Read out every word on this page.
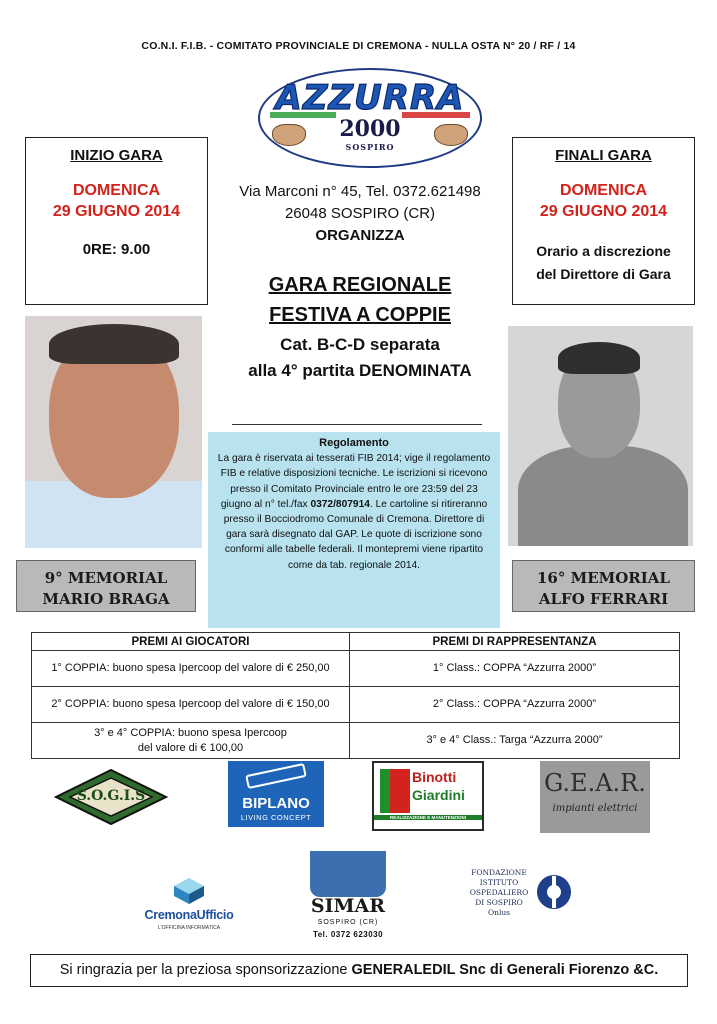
CO.N.I. F.I.B. - COMITATO PROVINCIALE DI CREMONA - NULLA OSTA N° 20 / RF / 14
AZZURRA
2000
SOSPIRO
INIZIO GARA
DOMENICA
29 GIUGNO 2014
0RE: 9.00
FINALI GARA
DOMENICA
29 GIUGNO 2014
Orario a discrezione
del Direttore di Gara
Via Marconi n° 45, Tel. 0372.621498
26048 SOSPIRO (CR)
ORGANIZZA
GARA REGIONALE
FESTIVA A COPPIE
Cat. B-C-D separata
alla 4° partita DENOMINATA
9° MEMORIAL
MARIO BRAGA
16° MEMORIAL
ALFO FERRARI
Regolamento
La gara è riservata ai tesserati FIB 2014; vige il regolamento FIB e relative disposizioni tecniche. Le iscrizioni si ricevono presso il Comitato Provinciale entro le ore 23:59 del 23 giugno al n° tel./fax 0372/807914. Le cartoline si ritireranno presso il Bocciodromo Comunale di Cremona. Direttore di gara sarà disegnato dal GAP. Le quote di iscrizione sono conformi alle tabelle federali. Il montepremi viene ripartito come da tab. regionale 2014.
PREMI AI GIOCATORI	PREMI DI RAPPRESENTANZA
1° COPPIA: buono spesa Ipercoop del valore di € 250,00	1° Class.: COPPA “Azzurra 2000”
2° COPPIA: buono spesa Ipercoop del valore di € 150,00	2° Class.: COPPA “Azzurra 2000”

3° e 4° COPPIA: buono spesa Ipercoop
del valore di € 100,00	3° e 4° Class.: Targa “Azzurra 2000”
S.O.G.I.S	BIPLANO
LIVING CONCEPT
Binotti
Giardini
REALIZZAZIONE E MANUTENZIONI
G.E.A.R.
impianti elettrici
CremonaUfficio
L'OFFICINA INFORMATICA
SIMAR
SOSPIRO (CR)
Tel. 0372 623030
FONDAZIONE
ISTITUTO
OSPEDALIERO
DI SOSPIRO
Onlus
Si ringrazia per la preziosa sponsorizzazione GENERALEDIL Snc di Generali Fiorenzo &C.
